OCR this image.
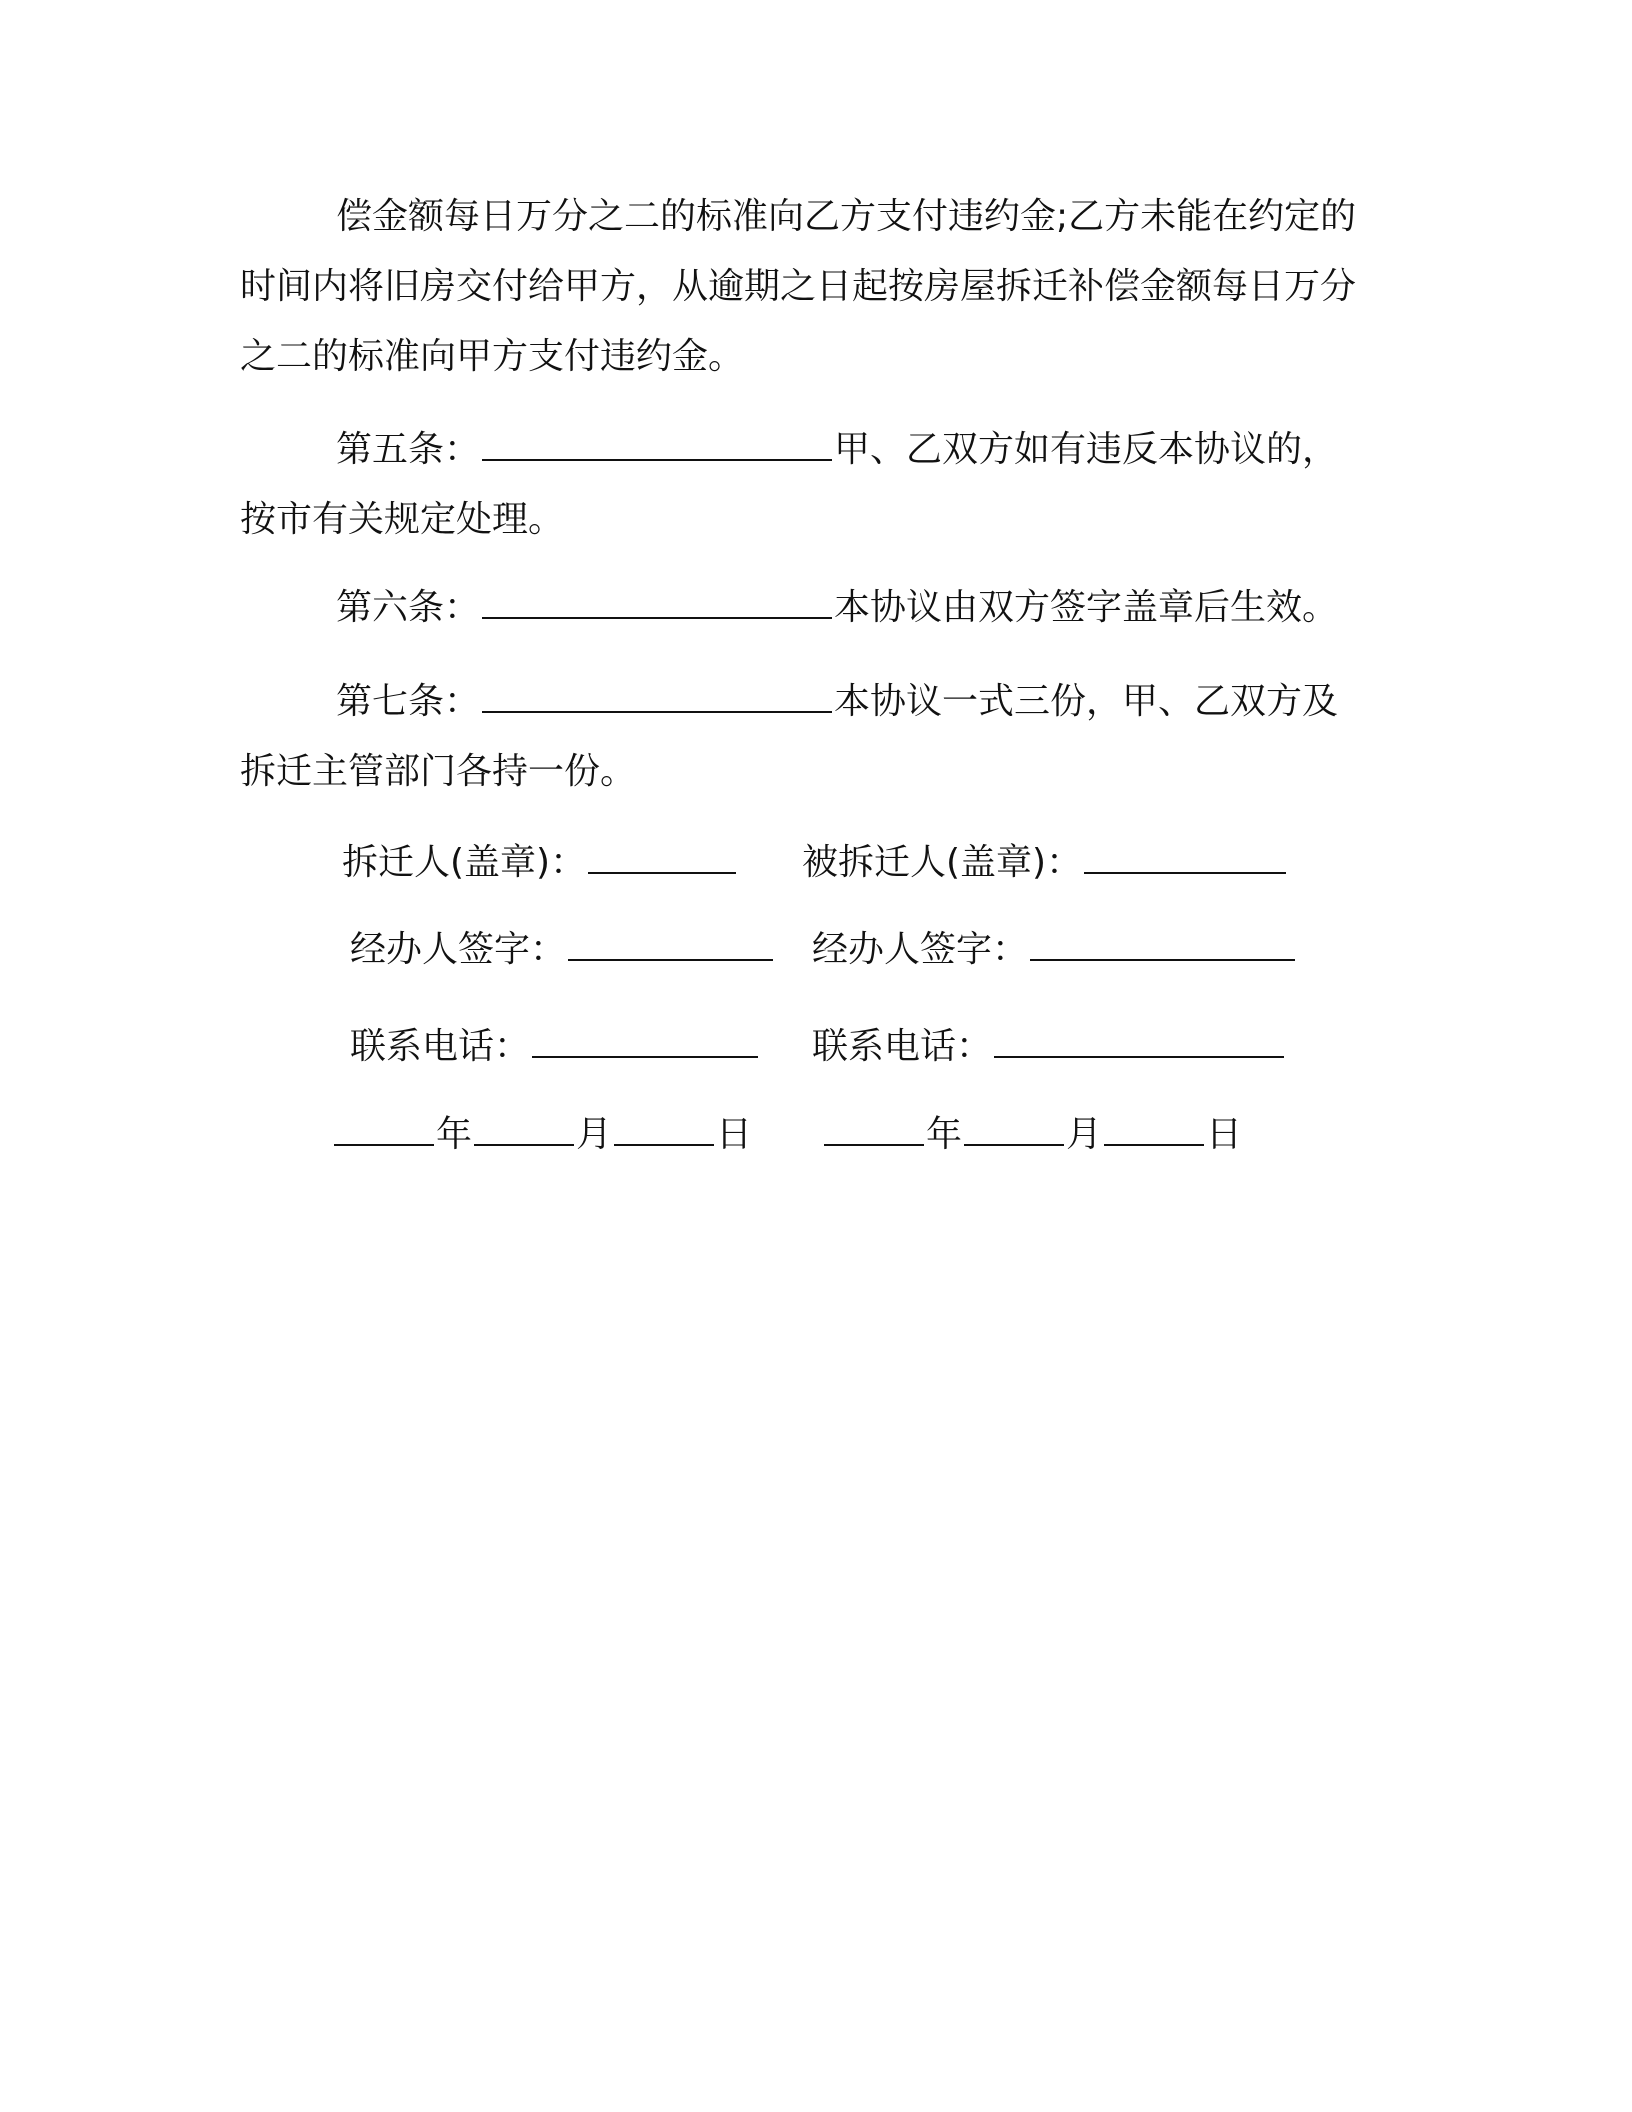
偿金额每日万分之二的标准向乙方支付违约金;乙方未能在约定的时间内将旧房交付给甲方，从逾期之日起按房屋拆迁补偿金额每日万分之二的标准向甲方支付违约金。
第五条：	甲、乙双方如有违反本协议的，按市有关规定处理。
第六条：	本协议由双方签字盖章后生效。
第七条：	本协议一式三份，甲、乙双方及拆迁主管部门各持一份。
拆迁人(盖章)：	被拆迁人(盖章)：
经办人签字：	经办人签字：
联系电话：	联系电话：
年	月	日	年	月	日
